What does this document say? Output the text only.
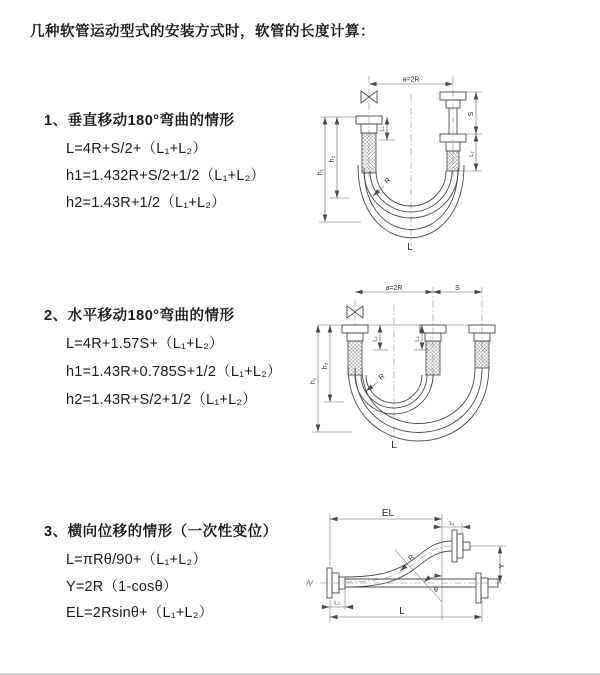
几种软管运动型式的安装方式时，软管的长度计算：
1、垂直移动180°弯曲的情形
L=4R+S/2+（L₁+L₂）
h1=1.432R+S/2+1/2（L₁+L₂）
h2=1.43R+1/2（L₁+L₂）
2、水平移动180°弯曲的情形
L=4R+1.57S+（L₁+L₂）
h1=1.43R+0.785S+1/2（L₁+L₂）
h2=1.43R+S/2+1/2（L₁+L₂）
3、横向位移的情形（一次性变位）
L=πRθ/90+（L₁+L₂）
Y=2R（1-cosθ）
EL=2Rsinθ+（L₁+L₂）
a=2R
h₂
h₁
L₁
S
L₂
R
L
a=2R	S
h₂
h₁
L₁	L₂
R
L
EL
L₁
Y
L
L₂
R
θ
